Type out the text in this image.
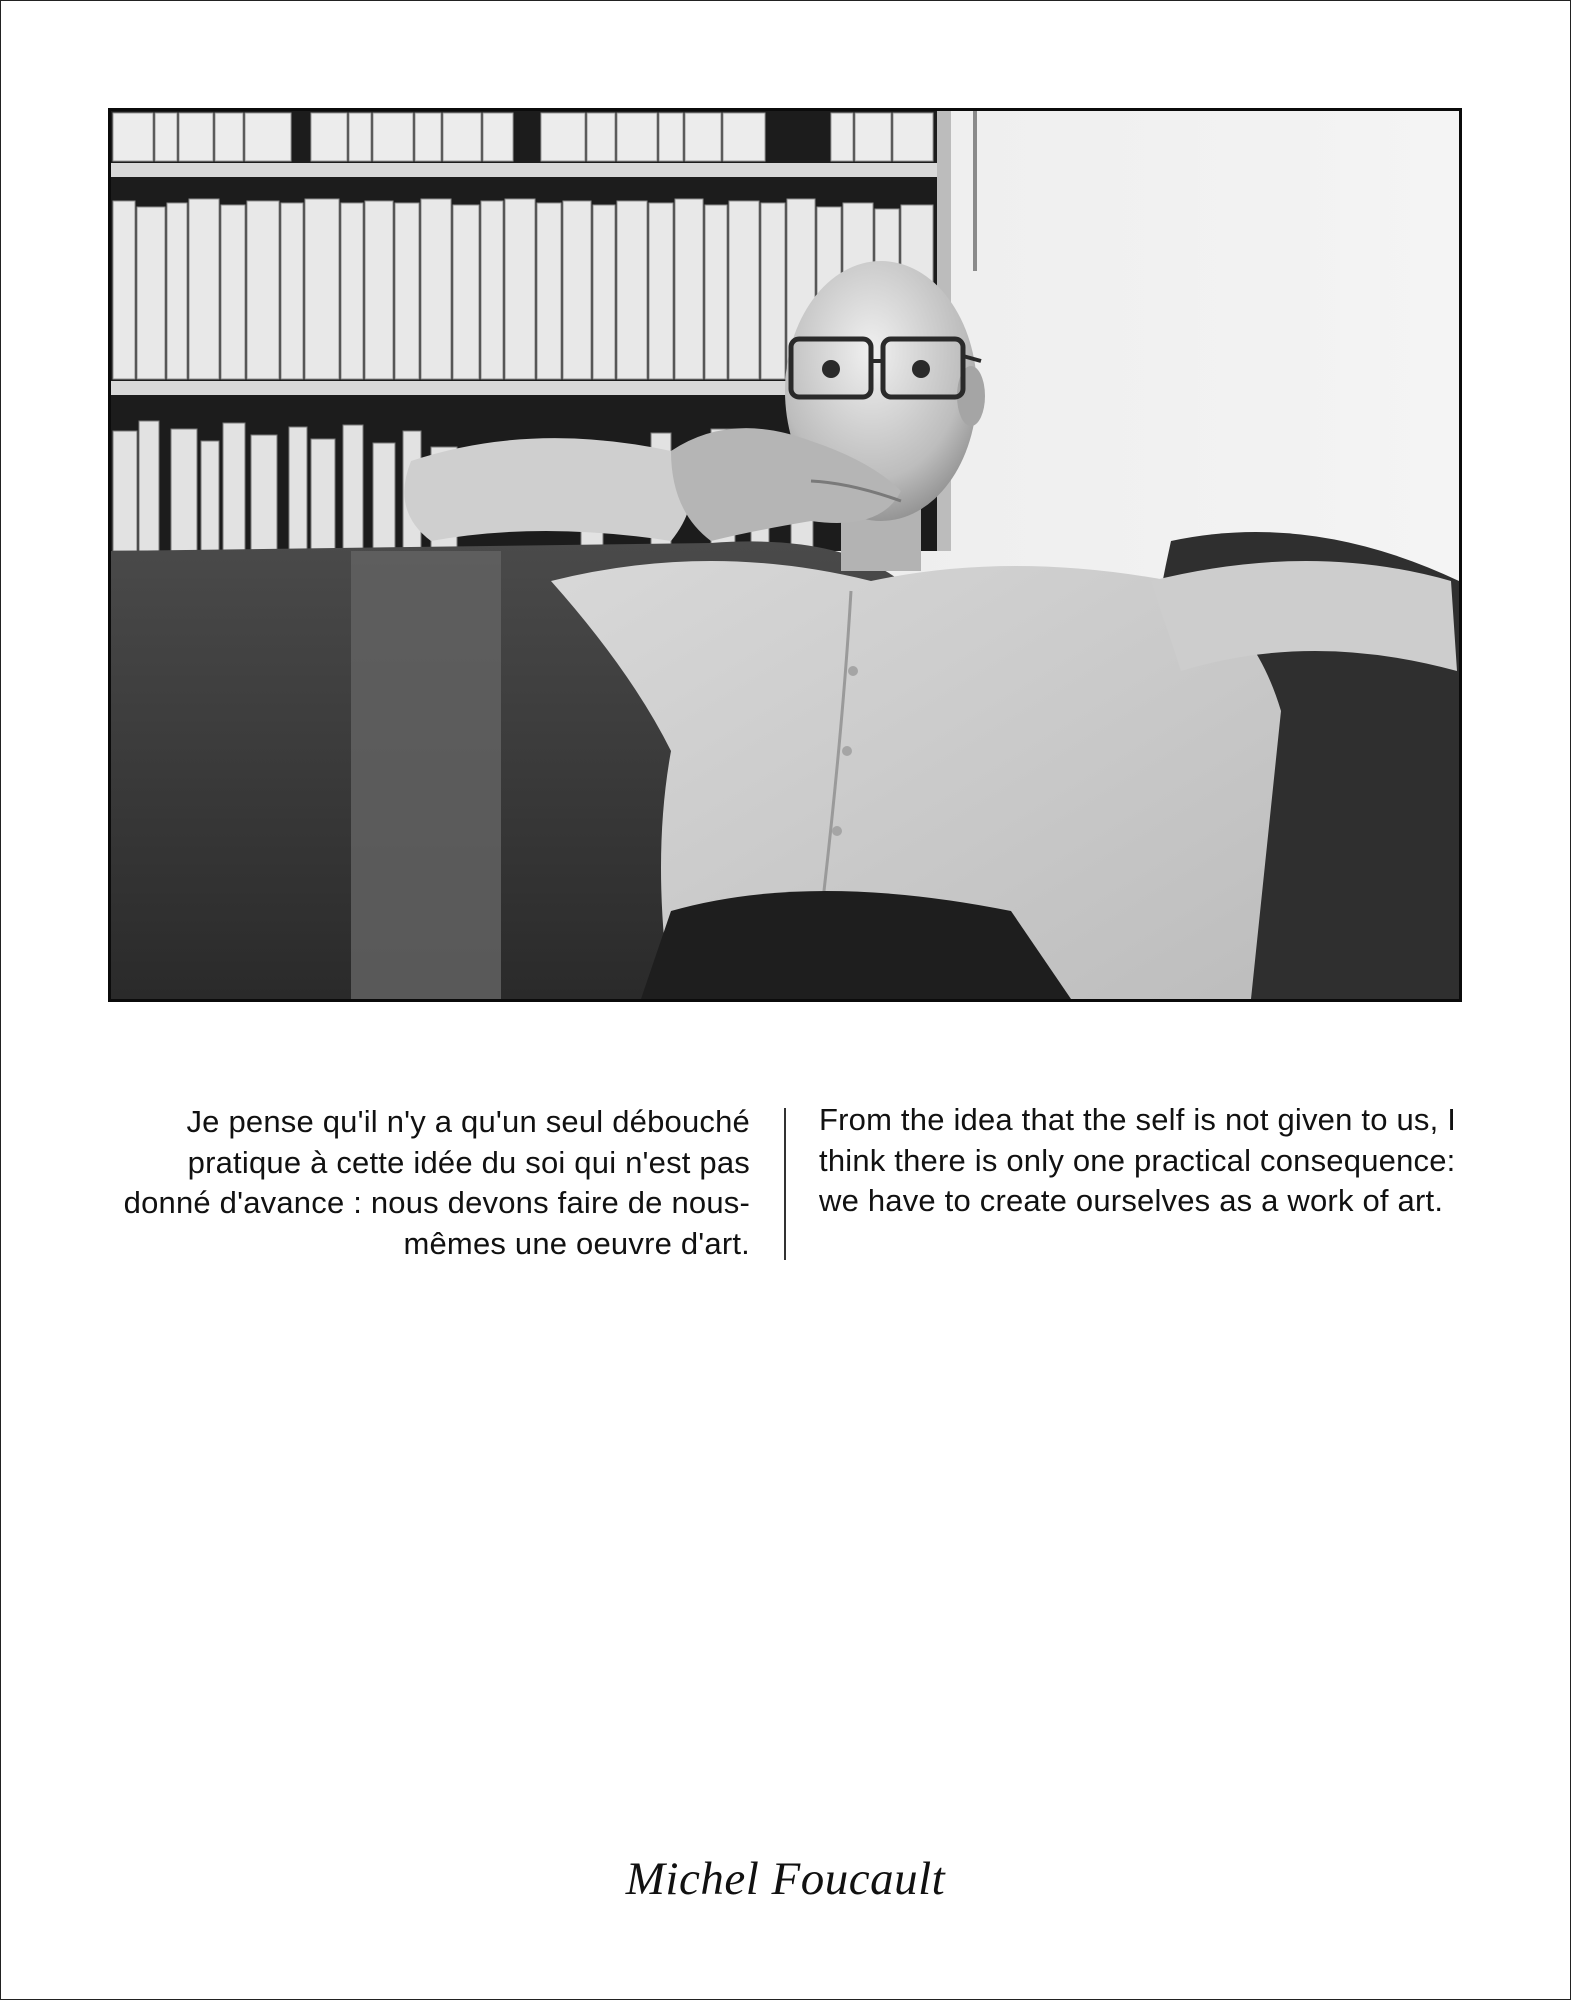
Je pense qu'il n'y a qu'un seul débouché pratique à cette idée du soi qui n'est pas donné d'avance : nous devons faire de nous-mêmes une oeuvre d'art.

From the idea that the self is not given to us, I think there is only one practical consequence: we have to create ourselves as a work of art.

Michel Foucault
